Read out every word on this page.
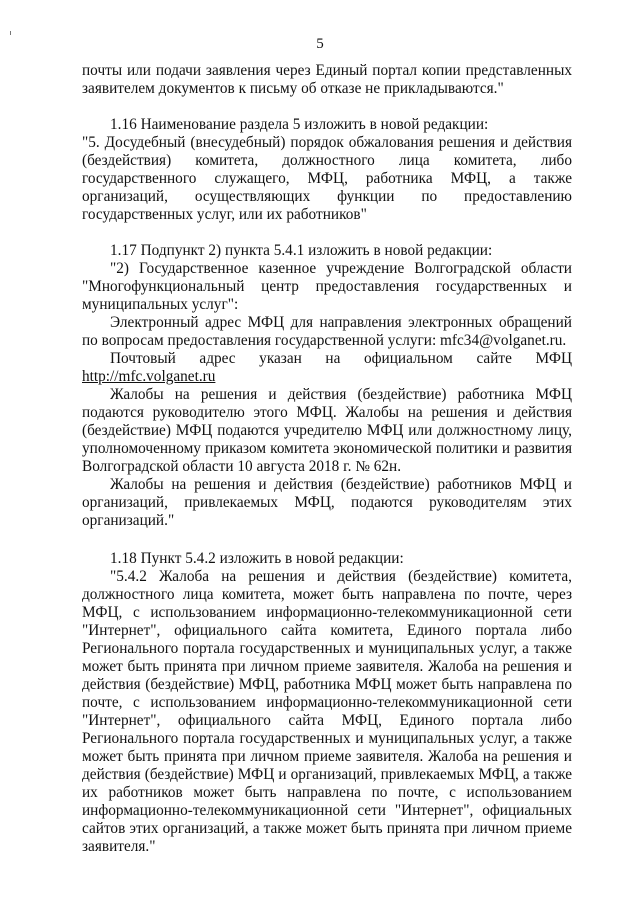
5

почты или подачи заявления через Единый портал копии представленных заявителем документов к письму об отказе не прикладываются."

1.16 Наименование раздела 5 изложить в новой редакции:

"5. Досудебный (внесудебный) порядок обжалования решения и действия (бездействия) комитета, должностного лица комитета, либо государственного служащего, МФЦ, работника МФЦ, а также организаций, осуществляющих функции по предоставлению государственных услуг, или их работников"

1.17 Подпункт 2) пункта 5.4.1 изложить в новой редакции:

"2) Государственное казенное учреждение Волгоградской области "Многофункциональный центр предоставления государственных и муниципальных услуг":

Электронный адрес МФЦ для направления электронных обращений по вопросам предоставления государственной услуги: mfc34@volganet.ru.

Почтовый адрес указан на официальном сайте МФЦ

http://mfc.volganet.ru

Жалобы на решения и действия (бездействие) работника МФЦ подаются руководителю этого МФЦ. Жалобы на решения и действия (бездействие) МФЦ подаются учредителю МФЦ или должностному лицу, уполномоченному приказом комитета экономической политики и развития Волгоградской области 10 августа 2018 г. № 62н.

Жалобы на решения и действия (бездействие) работников МФЦ и организаций, привлекаемых МФЦ, подаются руководителям этих организаций."

1.18 Пункт 5.4.2 изложить в новой редакции:

"5.4.2 Жалоба на решения и действия (бездействие) комитета, должностного лица комитета, может быть направлена по почте, через МФЦ, с использованием информационно-телекоммуникационной сети "Интернет", официального сайта комитета, Единого портала либо Регионального портала государственных и муниципальных услуг, а также может быть принята при личном приеме заявителя. Жалоба на решения и действия (бездействие) МФЦ, работника МФЦ может быть направлена по почте, с использованием информационно-телекоммуникационной сети "Интернет", официального сайта МФЦ, Единого портала либо Регионального портала государственных и муниципальных услуг, а также может быть принята при личном приеме заявителя. Жалоба на решения и действия (бездействие) МФЦ и организаций, привлекаемых МФЦ, а также их работников может быть направлена по почте, с использованием информационно-телекоммуникационной сети "Интернет", официальных сайтов этих организаций, а также может быть принята при личном приеме заявителя."
